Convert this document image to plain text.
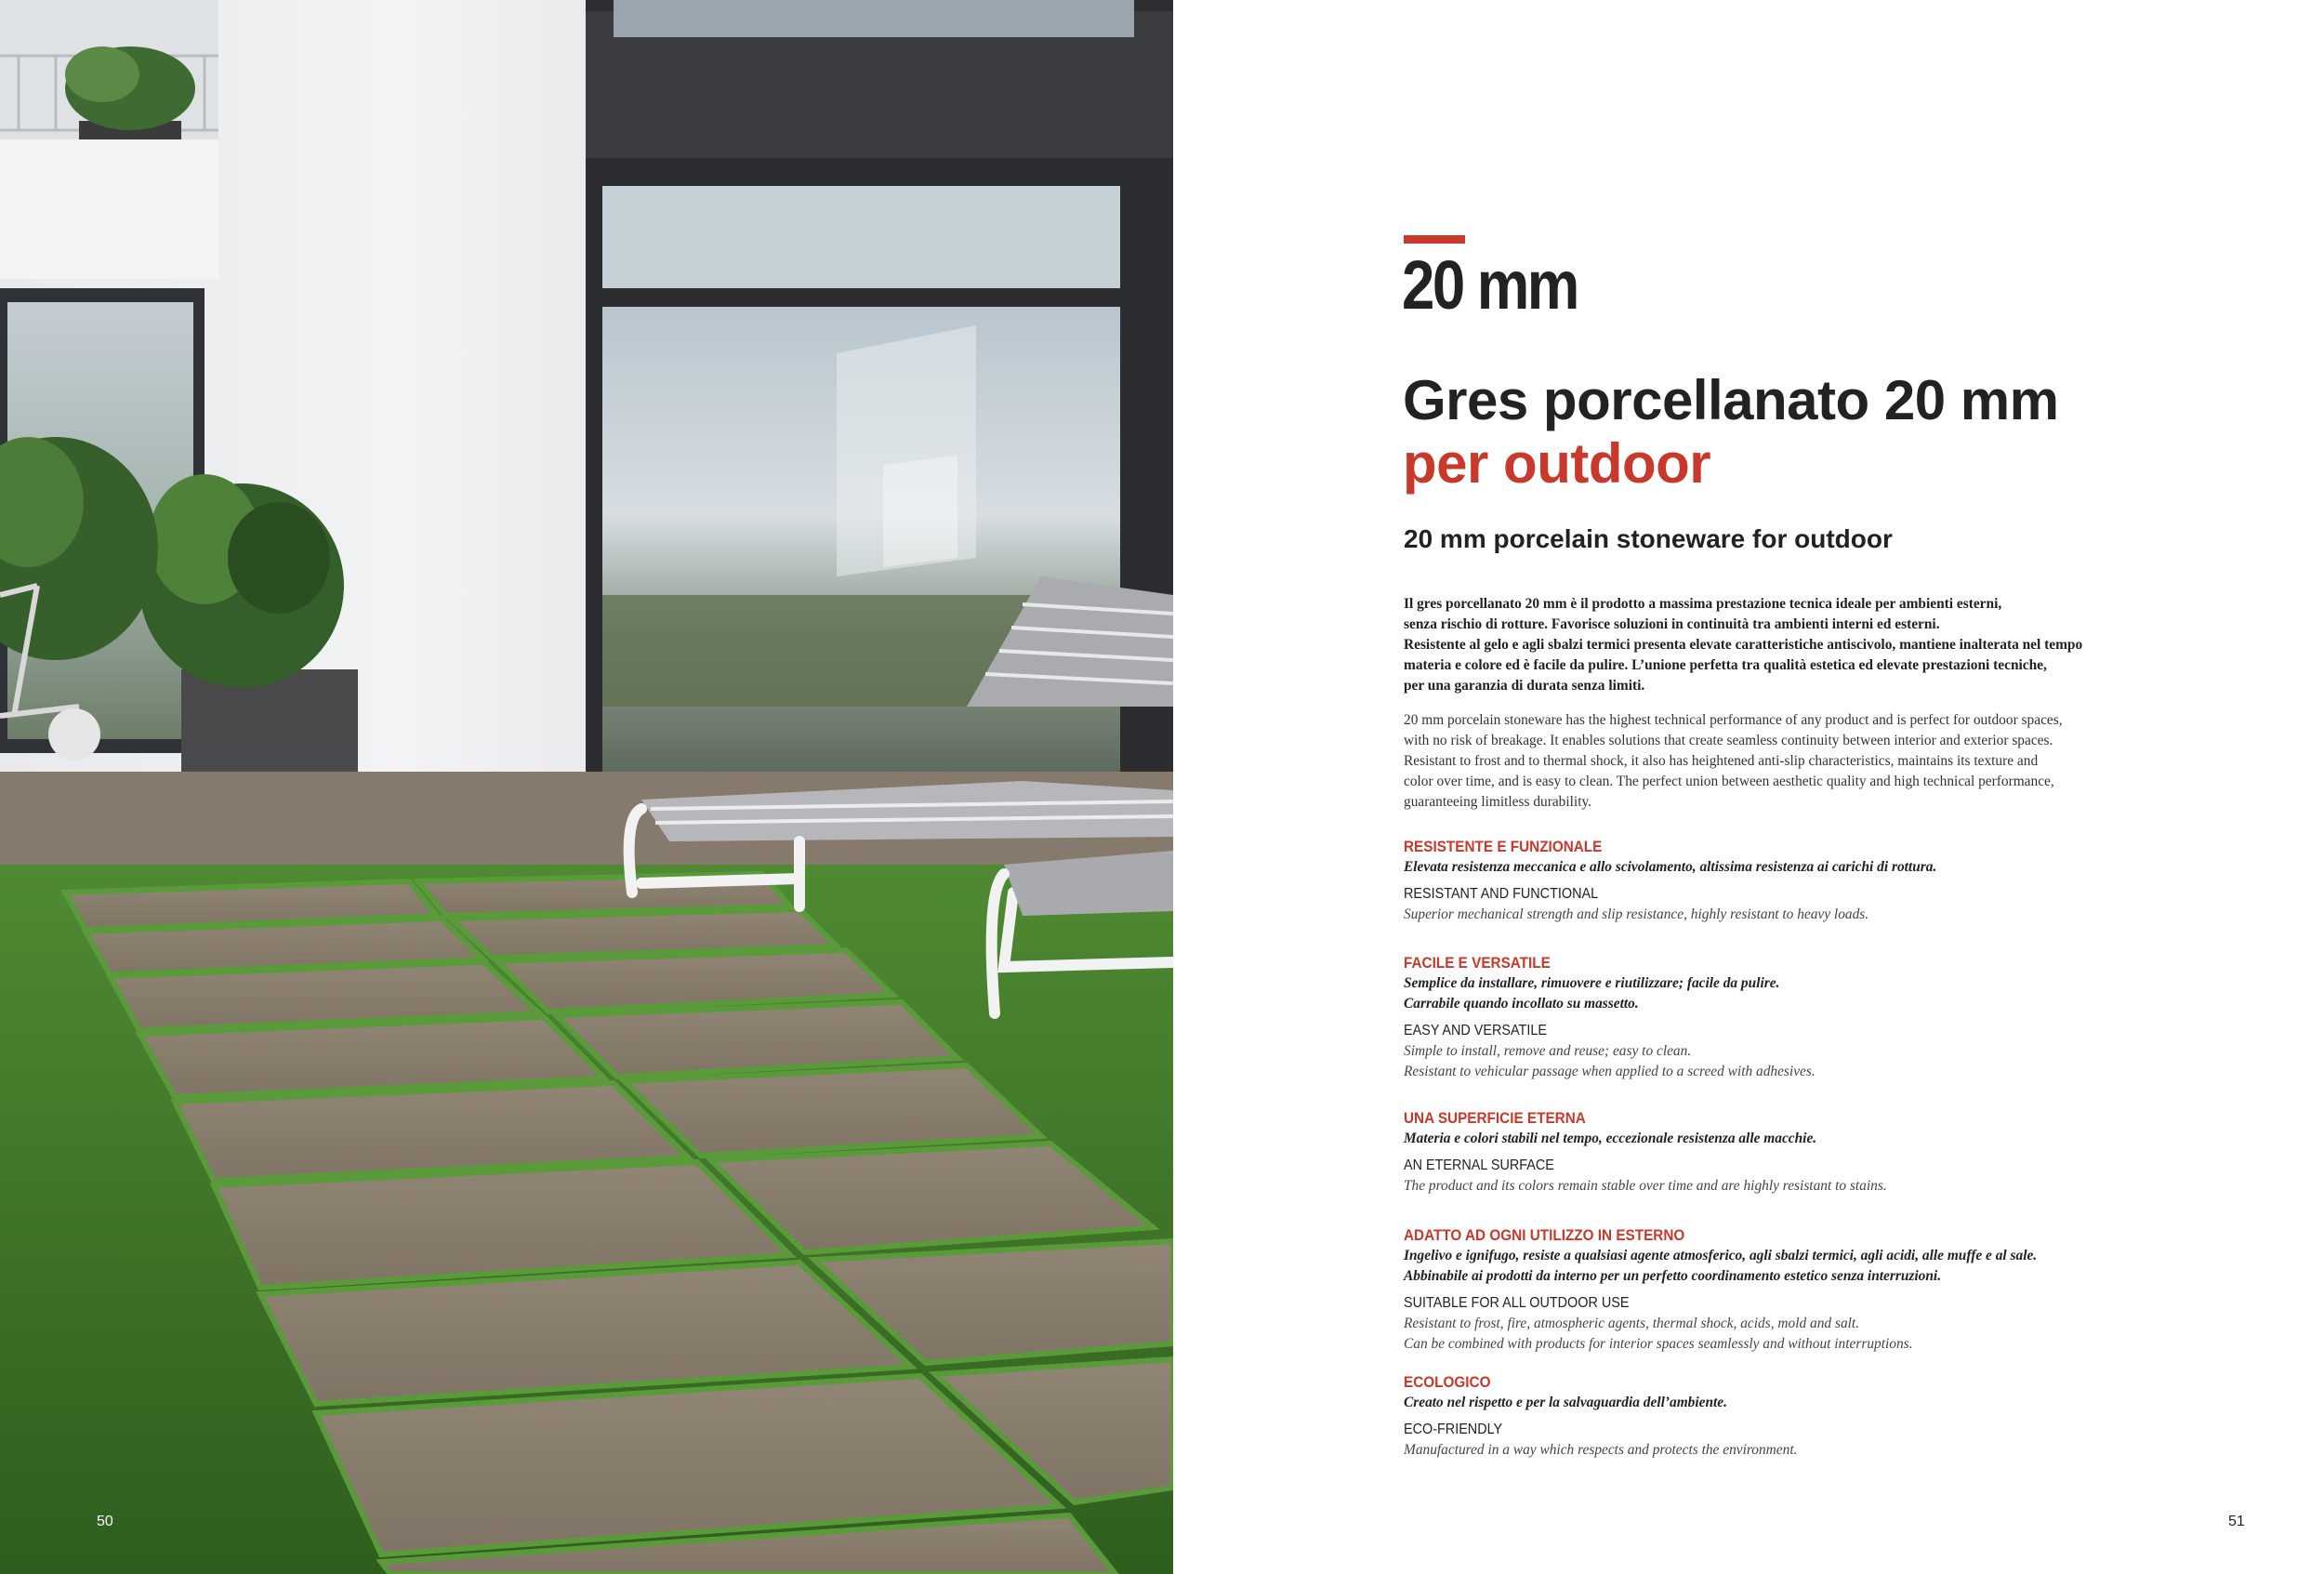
50
20 mm
Gres porcellanato 20 mm
per outdoor
20 mm porcelain stoneware for outdoor
Il gres porcellanato 20 mm è il prodotto a massima prestazione tecnica ideale per ambienti esterni,
senza rischio di rotture. Favorisce soluzioni in continuità tra ambienti interni ed esterni.
Resistente al gelo e agli sbalzi termici presenta elevate caratteristiche antiscivolo, mantiene inalterata nel tempo
materia e colore ed è facile da pulire. L’unione perfetta tra qualità estetica ed elevate prestazioni tecniche,
per una garanzia di durata senza limiti.
20 mm porcelain stoneware has the highest technical performance of any product and is perfect for outdoor spaces,
with no risk of breakage. It enables solutions that create seamless continuity between interior and exterior spaces.
Resistant to frost and to thermal shock, it also has heightened anti-slip characteristics, maintains its texture and
color over time, and is easy to clean. The perfect union between aesthetic quality and high technical performance,
guaranteeing limitless durability.
RESISTENTE E FUNZIONALE
Elevata resistenza meccanica e allo scivolamento, altissima resistenza ai carichi di rottura.
RESISTANT AND FUNCTIONAL
Superior mechanical strength and slip resistance, highly resistant to heavy loads.
FACILE E VERSATILE
Semplice da installare, rimuovere e riutilizzare; facile da pulire.
Carrabile quando incollato su massetto.
EASY AND VERSATILE
Simple to install, remove and reuse; easy to clean.
Resistant to vehicular passage when applied to a screed with adhesives.
UNA SUPERFICIE ETERNA
Materia e colori stabili nel tempo, eccezionale resistenza alle macchie.
AN ETERNAL SURFACE
The product and its colors remain stable over time and are highly resistant to stains.
ADATTO AD OGNI UTILIZZO IN ESTERNO
Ingelivo e ignifugo, resiste a qualsiasi agente atmosferico, agli sbalzi termici, agli acidi, alle muffe e al sale.
Abbinabile ai prodotti da interno per un perfetto coordinamento estetico senza interruzioni.
SUITABLE FOR ALL OUTDOOR USE
Resistant to frost, fire, atmospheric agents, thermal shock, acids, mold and salt.
Can be combined with products for interior spaces seamlessly and without interruptions.
ECOLOGICO
Creato nel rispetto e per la salvaguardia dell’ambiente.
ECO-FRIENDLY
Manufactured in a way which respects and protects the environment.
51
